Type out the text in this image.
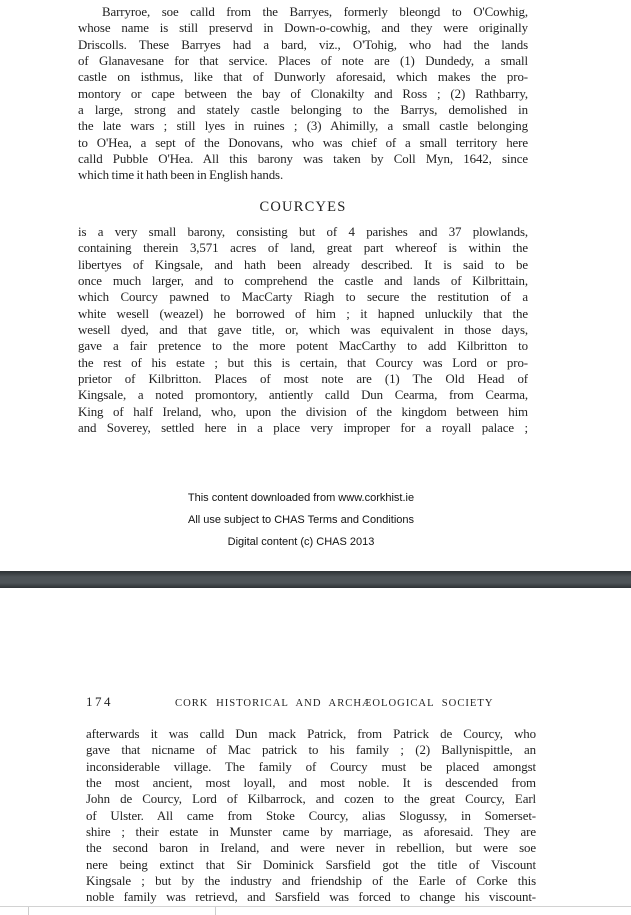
Barryroe, soe calld from the Barryes, formerly bleongd to O'Cowhig,
whose name is still preservd in Down-o-cowhig, and they were originally
Driscolls. These Barryes had a bard, viz., O'Tohig, who had the lands
of Glanavesane for that service. Places of note are (1) Dundedy, a small
castle on isthmus, like that of Dunworly aforesaid, which makes the pro-
montory or cape between the bay of Clonakilty and Ross ; (2) Rathbarry,
a large, strong and stately castle belonging to the Barrys, demolished in
the late wars ; still lyes in ruines ; (3) Ahimilly, a small castle belonging
to O'Hea, a sept of the Donovans, who was chief of a small territory here
calld Pubble O'Hea. All this barony was taken by Coll Myn, 1642, since
which time it hath been in English hands.
COURCYES
is a very small barony, consisting but of 4 parishes and 37 plowlands,
containing therein 3,571 acres of land, great part whereof is within the
libertyes of Kingsale, and hath been already described. It is said to be
once much larger, and to comprehend the castle and lands of Kilbrittain,
which Courcy pawned to MacCarty Riagh to secure the restitution of a
white wesell (weazel) he borrowed of him ; it hapned unluckily that the
wesell dyed, and that gave title, or, which was equivalent in those days,
gave a fair pretence to the more potent MacCarthy to add Kilbritton to
the rest of his estate ; but this is certain, that Courcy was Lord or pro-
prietor of Kilbritton. Places of most note are (1) The Old Head of
Kingsale, a noted promontory, antiently calld Dun Cearma, from Cearma,
King of half Ireland, who, upon the division of the kingdom between him
and Soverey, settled here in a place very improper for a royall palace ;
This content downloaded from www.corkhist.ie
All use subject to CHAS Terms and Conditions
Digital content (c) CHAS 2013
174	CORK HISTORICAL AND ARCHÆOLOGICAL SOCIETY
afterwards it was calld Dun mack Patrick, from Patrick de Courcy, who
gave that nicname of Mac patrick to his family ; (2) Ballynispittle, an
inconsiderable village. The family of Courcy must be placed amongst
the most ancient, most loyall, and most noble. It is descended from
John de Courcy, Lord of Kilbarrock, and cozen to the great Courcy, Earl
of Ulster. All came from Stoke Courcy, alias Slogussy, in Somerset-
shire ; their estate in Munster came by marriage, as aforesaid. They are
the second baron in Ireland, and were never in rebellion, but were soe
nere being extinct that Sir Dominick Sarsfield got the title of Viscount
Kingsale ; but by the industry and friendship of the Earle of Corke this
noble family was retrievd, and Sarsfield was forced to change his viscount-
